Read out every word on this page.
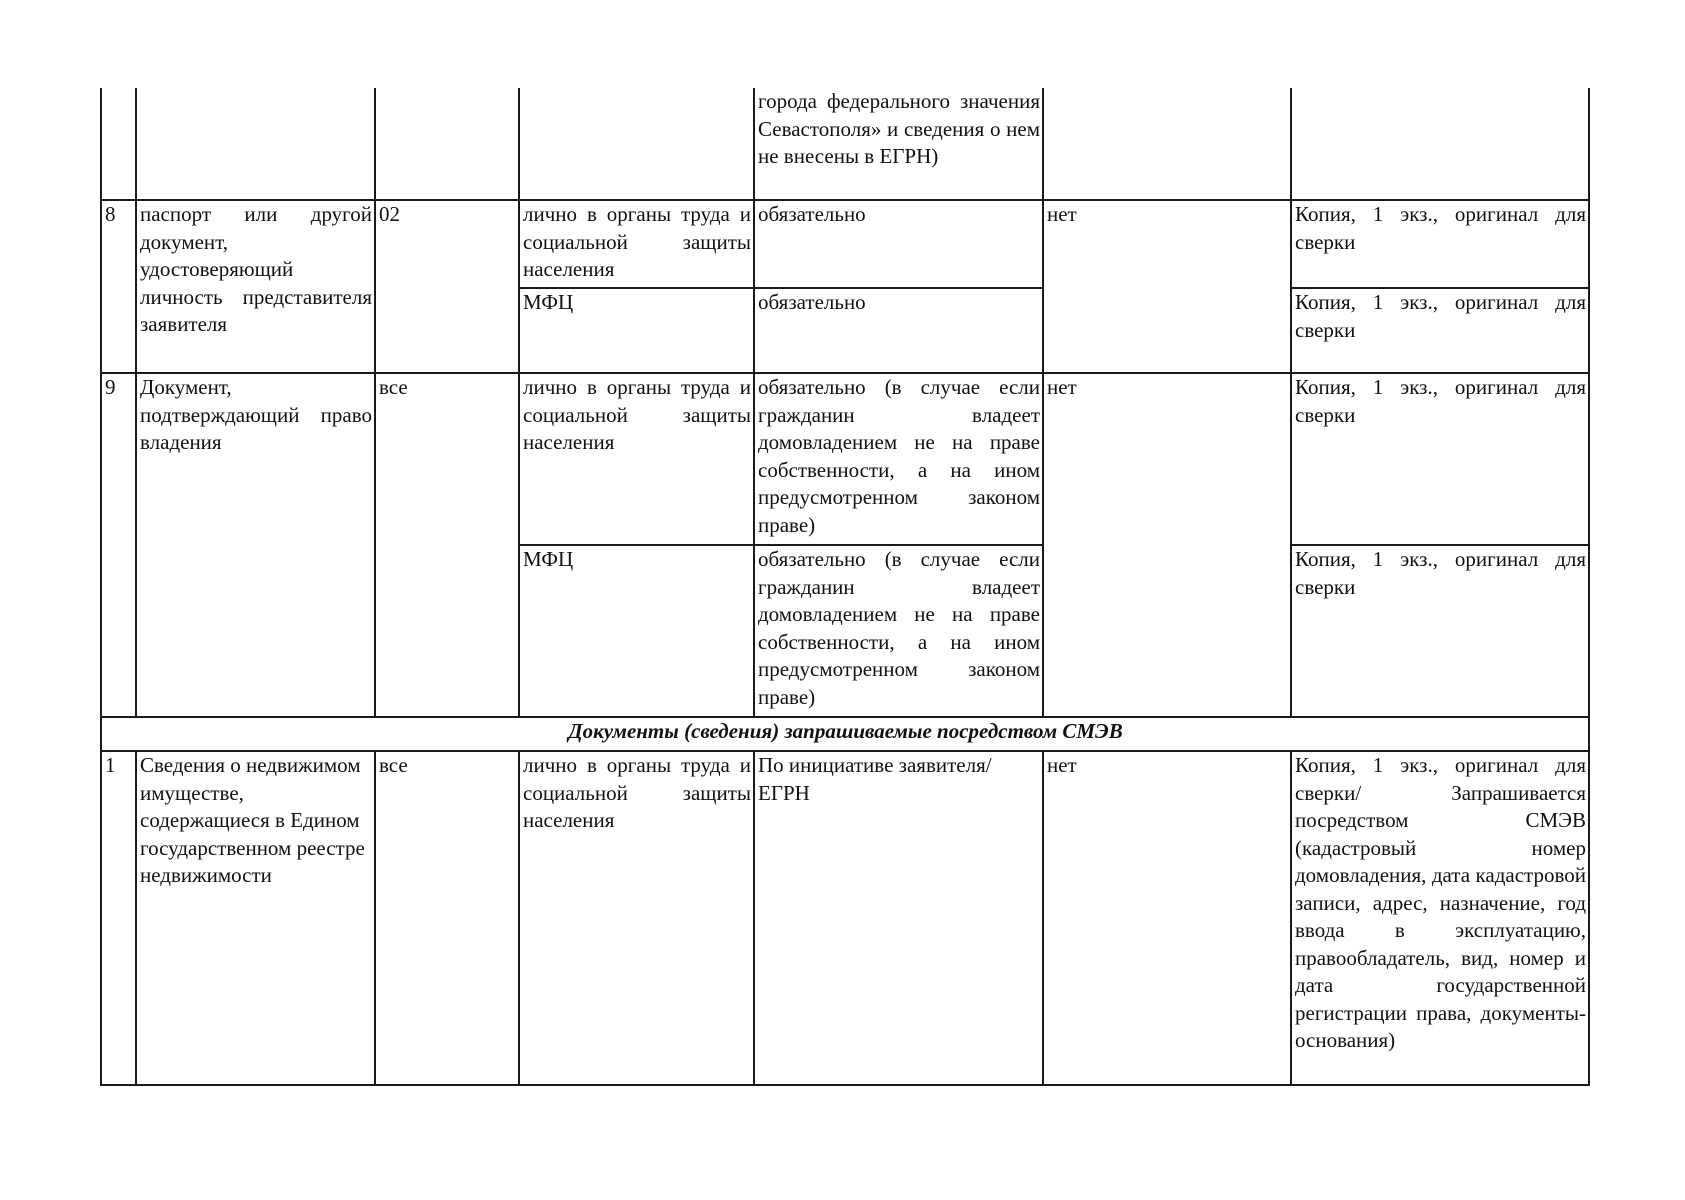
				города федерального значения Севастополя» и сведения о нем не внесены в ЕГРН)		
8	паспорт или другой документ, удостоверяющий личность представителя заявителя	02	лично в органы труда и социальной защиты населения	обязательно	нет	Копия, 1 экз., оригинал для сверки
			МФЦ	обязательно		Копия, 1 экз., оригинал для сверки
9	Документ, подтверждающий право владения	все	лично в органы труда и социальной защиты населения	обязательно (в случае если гражданин владеет домовладением не на праве собственности, а на ином предусмотренном законом праве)	нет	Копия, 1 экз., оригинал для сверки
			МФЦ	обязательно (в случае если гражданин владеет домовладением не на праве собственности, а на ином предусмотренном законом праве)		Копия, 1 экз., оригинал для сверки
Документы (сведения) запрашиваемые посредством СМЭВ						
1	Сведения о недвижимом имуществе, содержащиеся в Едином государственном реестре недвижимости	все	лично в органы труда и социальной защиты населения	По инициативе заявителя/ ЕГРН	нет	Копия, 1 экз., оригинал для сверки/ Запрашивается посредством СМЭВ (кадастровый номер домовладения, дата кадастровой записи, адрес, назначение, год ввода в эксплуатацию, правообладатель, вид, номер и дата государственной регистрации права, документы-основания)
